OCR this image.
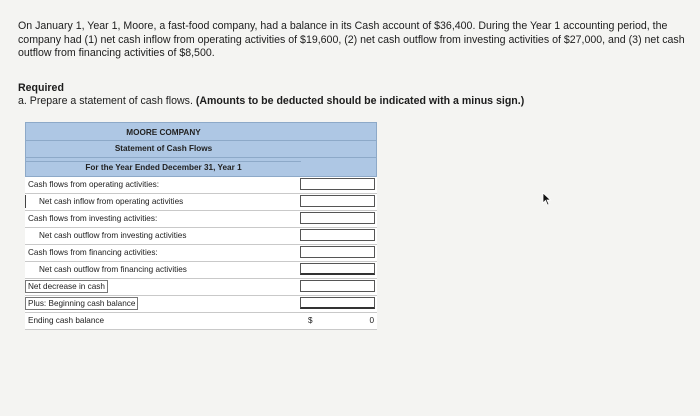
On January 1, Year 1, Moore, a fast-food company, had a balance in its Cash account of $36,400. During the Year 1 accounting period, the company had (1) net cash inflow from operating activities of $19,600, (2) net cash outflow from investing activities of $27,000, and (3) net cash outflow from financing activities of $8,500.
Required
a. Prepare a statement of cash flows. (Amounts to be deducted should be indicated with a minus sign.)
MOORE COMPANY
Statement of Cash Flows
For the Year Ended December 31, Year 1
Cash flows from operating activities:
Net cash inflow from operating activities
Cash flows from investing activities:
Net cash outflow from investing activities
Cash flows from financing activities:
Net cash outflow from financing activities
Net decrease in cash
Plus: Beginning cash balance
Ending cash balance	$	0
